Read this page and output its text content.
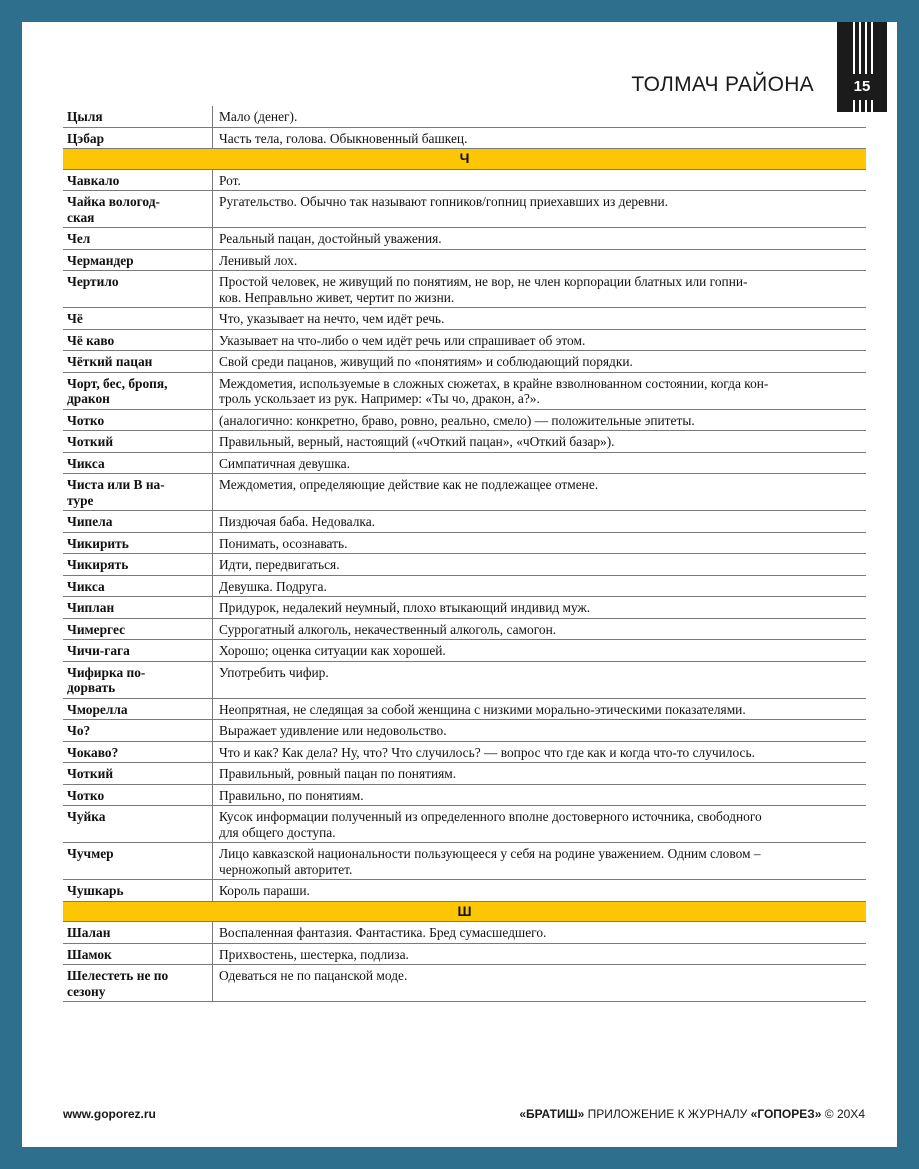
15
ТОЛМАЧ РАЙОНА
Цыля	Мало (денег).
Цэбар	Часть тела, голова. Обыкновенный башкец.
Ч	
Чавкало	Рот.
Чайка вологод-
ская	Ругательство. Обычно так называют гопников/гопниц приехавших из деревни.
Чел	Реальный пацан, достойный уважения.
Чермандер	Ленивый лох.
Чертило	Простой человек, не живущий по понятиям, не вор, не член корпорации блатных или гопни-
ков. Неправльно живет, чертит по жизни.
Чё	Что, указывает на нечто, чем идёт речь.
Чё каво	Указывает на что-либо о чем идёт речь или спрашивает об этом.
Чёткий пацан	Свой среди пацанов, живущий по «понятиям» и соблюдающий порядки.
Чорт, бес, бропя,
дракон	Междометия, используемые в сложных сюжетах, в крайне взволнованном состоянии, когда кон-
троль ускользает из рук. Например: «Ты чо, дракон, а?».
Чотко	(аналогично: конкретно, браво, ровно, реально, смело) — положительные эпитеты.
Чоткий	Правильный, верный, настоящий («чОткий пацан», «чОткий базар»).
Чикса	Симпатичная девушка.
Чиста или В на-
туре	Междометия, определяющие действие как не подлежащее отмене.
Чипела	Пиздючая баба. Недовалка.
Чикирить	Понимать, осознавать.
Чикирять	Идти, передвигаться.
Чикса	Девушка. Подруга.
Чиплан	Придурок, недалекий неумный, плохо втыкающий индивид муж.
Чимергес	Суррогатный алкоголь, некачественный алкоголь, самогон.
Чичи-гага	Хорошо; оценка ситуации как хорошей.
Чифирка по-
дорвать	Употребить чифир.
Чморелла	Неопрятная, не следящая за собой женщина с низкими морально-этическими показателями.
Чо?	Выражает удивление или недовольство.
Чокаво?	Что и как? Как дела? Ну, что? Что случилось? — вопрос что где как и когда что-то случилось.
Чоткий	Правильный, ровный пацан по понятиям.
Чотко	Правильно, по понятиям.
Чуйка	Кусок информации полученный из определенного вполне достоверного источника, свободного
для общего доступа.
Чучмер	Лицо кавказской национальности пользующееся у себя на родине уважением. Одним словом –
черножопый авторитет.
Чушкарь	Король параши.
Ш	
Шалан	Воспаленная фантазия. Фантастика. Бред сумасшедшего.
Шамок	Прихвостень, шестерка, подлиза.
Шелестеть не по
сезону	Одеваться не по пацанской моде.
www.goporez.ru	«БРАТИШ» ПРИЛОЖЕНИЕ К ЖУРНАЛУ «ГОПОРЕЗ» © 20X4
